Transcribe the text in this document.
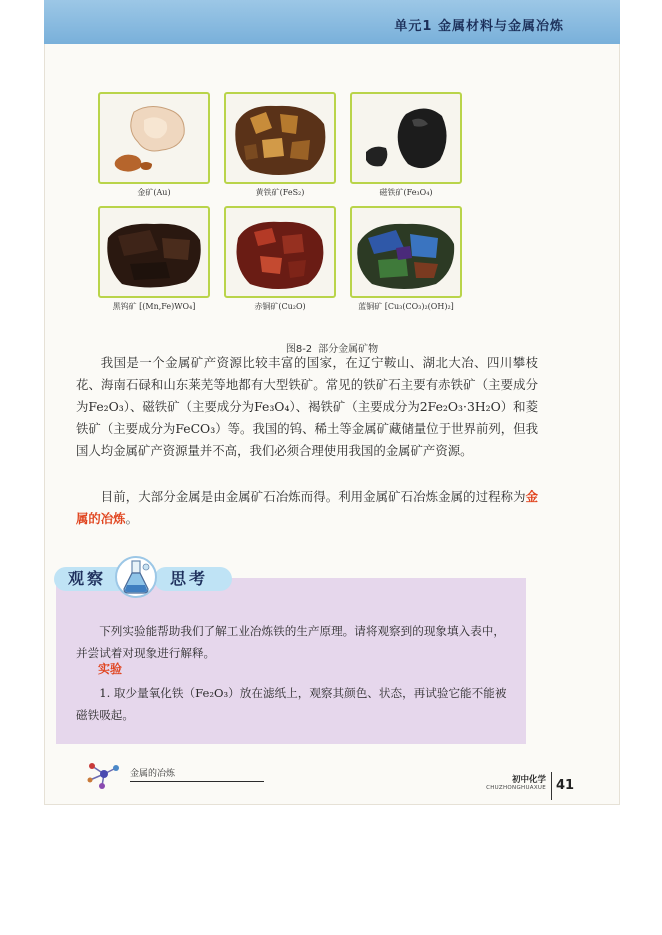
单元1 金属材料与金属冶炼
金矿(Au)	黄铁矿(FeS₂)	磁铁矿(Fe₃O₄)
黑钨矿 [(Mn,Fe)WO₄]	赤铜矿(Cu₂O)	蓝铜矿 [Cu₃(CO₃)₂(OH)₂]
图8-2 部分金属矿物

我国是一个金属矿产资源比较丰富的国家，在辽宁鞍山、湖北大冶、四川攀枝花、海南石碌和山东莱芜等地都有大型铁矿。常见的铁矿石主要有赤铁矿（主要成分为Fe₂O₃）、磁铁矿（主要成分为Fe₃O₄）、褐铁矿（主要成分为2Fe₂O₃·3H₂O）和菱铁矿（主要成分为FeCO₃）等。我国的钨、稀土等金属矿藏储量位于世界前列，但我国人均金属矿产资源量并不高，我们必须合理使用我国的金属矿产资源。

目前，大部分金属是由金属矿石冶炼而得。利用金属矿石冶炼金属的过程称为金属的冶炼。

观察	思考

下列实验能帮助我们了解工业冶炼铁的生产原理。请将观察到的现象填入表中，并尝试着对现象进行解释。

实验

1. 取少量氧化铁（Fe₂O₃）放在滤纸上，观察其颜色、状态，再试验它能不能被磁铁吸起。

金属的冶炼
初中化学
CHUZHONGHUAXUE 41
